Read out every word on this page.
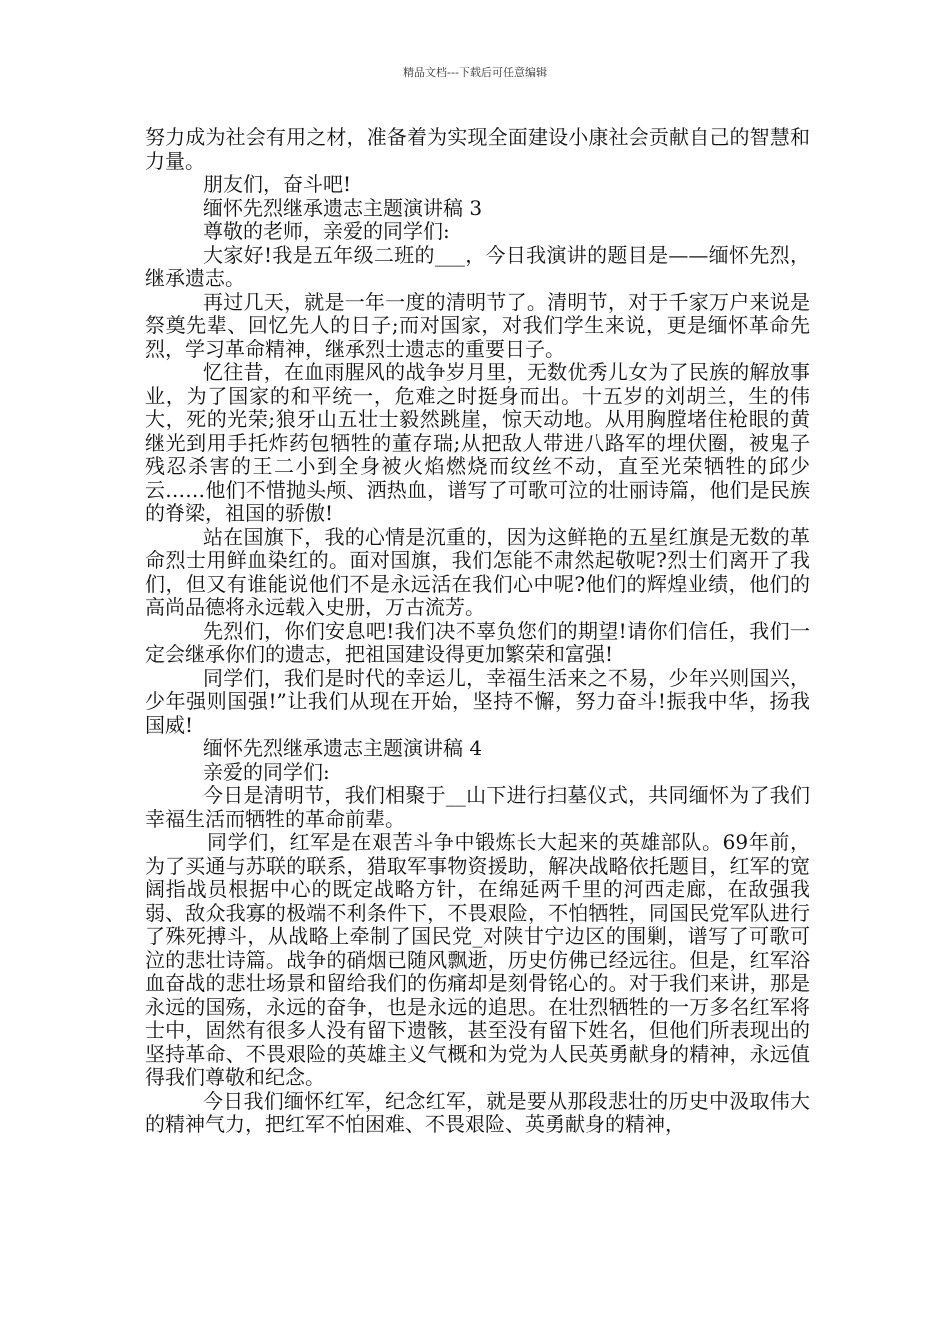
精品文档---下载后可任意编辑

努力成为社会有用之材，准备着为实现全面建设小康社会贡献自己的智慧和力量。

朋友们，奋斗吧!

缅怀先烈继承遗志主题演讲稿 3

尊敬的老师，亲爱的同学们:

大家好!我是五年级二班的___，今日我演讲的题目是——缅怀先烈，继承遗志。

再过几天，就是一年一度的清明节了。清明节，对于千家万户来说是祭奠先辈、回忆先人的日子;而对国家，对我们学生来说，更是缅怀革命先烈，学习革命精神，继承烈士遗志的重要日子。

忆往昔，在血雨腥风的战争岁月里，无数优秀儿女为了民族的解放事业，为了国家的和平统一，危难之时挺身而出。十五岁的刘胡兰，生的伟大，死的光荣;狼牙山五壮士毅然跳崖，惊天动地。从用胸膛堵住枪眼的黄继光到用手托炸药包牺牲的董存瑞;从把敌人带进八路军的埋伏圈，被鬼子残忍杀害的王二小到全身被火焰燃烧而纹丝不动，直至光荣牺牲的邱少云……他们不惜抛头颅、洒热血，谱写了可歌可泣的壮丽诗篇，他们是民族的脊梁，祖国的骄傲!

站在国旗下，我的心情是沉重的，因为这鲜艳的五星红旗是无数的革命烈士用鲜血染红的。面对国旗，我们怎能不肃然起敬呢?烈士们离开了我们，但又有谁能说他们不是永远活在我们心中呢?他们的辉煌业绩，他们的高尚品德将永远载入史册，万古流芳。

先烈们，你们安息吧!我们决不辜负您们的期望!请你们信任，我们一定会继承你们的遗志，把祖国建设得更加繁荣和富强!

同学们，我们是时代的幸运儿，幸福生活来之不易，少年兴则国兴，少年强则国强!”让我们从现在开始，坚持不懈，努力奋斗!振我中华，扬我国威!

缅怀先烈继承遗志主题演讲稿 4

亲爱的同学们:

今日是清明节，我们相聚于__山下进行扫墓仪式，共同缅怀为了我们幸福生活而牺牲的革命前辈。

同学们，红军是在艰苦斗争中锻炼长大起来的英雄部队。69年前，为了买通与苏联的联系，猎取军事物资援助，解决战略依托题目，红军的宽阔指战员根据中心的既定战略方针，在绵延两千里的河西走廊，在敌强我弱、敌众我寡的极端不利条件下，不畏艰险，不怕牺牲，同国民党军队进行了殊死搏斗，从战略上牵制了国民党_对陕甘宁边区的围剿，谱写了可歌可泣的悲壮诗篇。战争的硝烟已随风飘逝，历史仿佛已经远往。但是，红军浴血奋战的悲壮场景和留给我们的伤痛却是刻骨铭心的。对于我们来讲，那是永远的国殇，永远的奋争，也是永远的追思。在壮烈牺牲的一万多名红军将士中，固然有很多人没有留下遗骸，甚至没有留下姓名，但他们所表现出的坚持革命、不畏艰险的英雄主义气概和为党为人民英勇献身的精神，永远值得我们尊敬和纪念。

今日我们缅怀红军，纪念红军，就是要从那段悲壮的历史中汲取伟大的精神气力，把红军不怕困难、不畏艰险、英勇献身的精神，
